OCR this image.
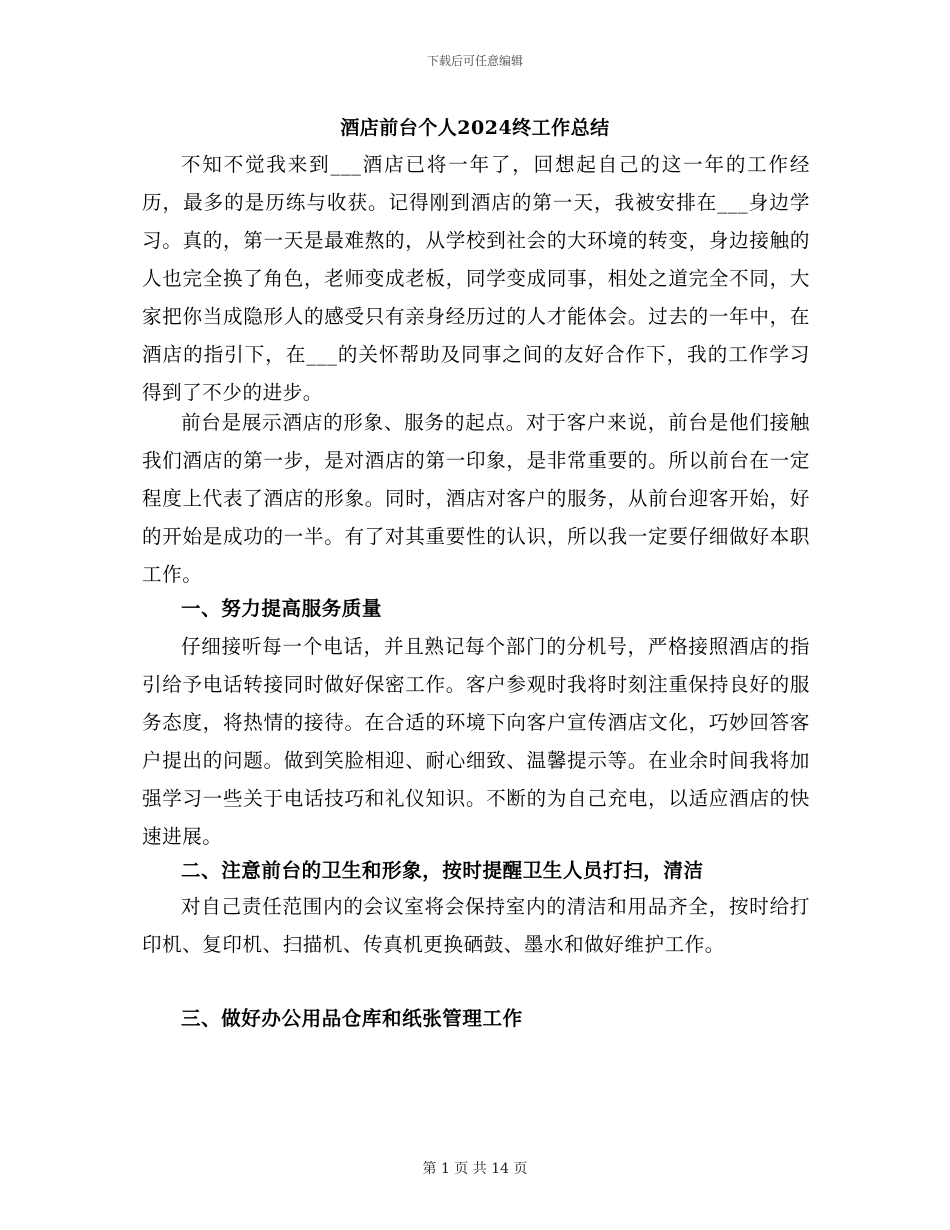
下载后可任意编辑
酒店前台个人2024终工作总结

不知不觉我来到___酒店已将一年了，回想起自己的这一年的工作经历，最多的是历练与收获。记得刚到酒店的第一天，我被安排在___身边学习。真的，第一天是最难熬的，从学校到社会的大环境的转变，身边接触的人也完全换了角色，老师变成老板，同学变成同事，相处之道完全不同，大家把你当成隐形人的感受只有亲身经历过的人才能体会。过去的一年中，在酒店的指引下，在___的关怀帮助及同事之间的友好合作下，我的工作学习得到了不少的进步。

前台是展示酒店的形象、服务的起点。对于客户来说，前台是他们接触我们酒店的第一步，是对酒店的第一印象，是非常重要的。所以前台在一定程度上代表了酒店的形象。同时，酒店对客户的服务，从前台迎客开始，好的开始是成功的一半。有了对其重要性的认识，所以我一定要仔细做好本职工作。

一、努力提高服务质量

仔细接听每一个电话，并且熟记每个部门的分机号，严格接照酒店的指引给予电话转接同时做好保密工作。客户参观时我将时刻注重保持良好的服务态度，将热情的接待。在合适的环境下向客户宣传酒店文化，巧妙回答客户提出的问题。做到笑脸相迎、耐心细致、温馨提示等。在业余时间我将加强学习一些关于电话技巧和礼仪知识。不断的为自己充电，以适应酒店的快速进展。

二、注意前台的卫生和形象，按时提醒卫生人员打扫，清洁

对自己责任范围内的会议室将会保持室内的清洁和用品齐全，按时给打印机、复印机、扫描机、传真机更换硒鼓、墨水和做好维护工作。

三、做好办公用品仓库和纸张管理工作

第 1 页 共 14 页
